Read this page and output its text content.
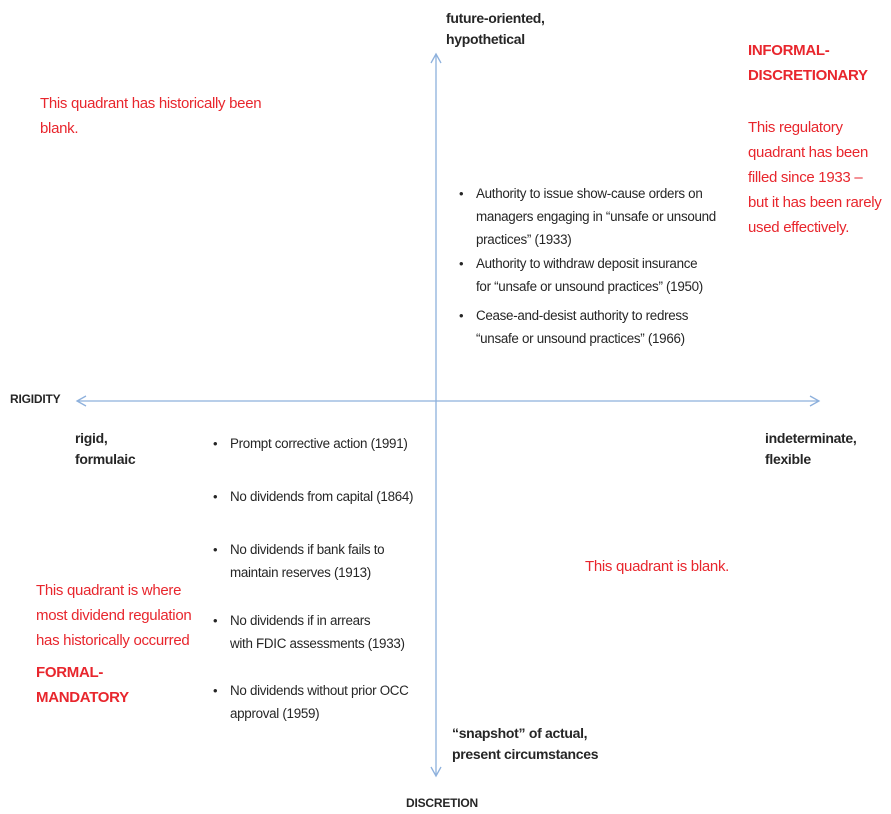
RIGIDITY
DISCRETION
future-oriented,
hypothetical
“snapshot” of actual,
present circumstances
rigid,
formulaic
indeterminate,
flexible
This quadrant has historically been
blank.
INFORMAL-
DISCRETIONARY
This regulatory
quadrant has been
filled since 1933 –
but it has been rarely
used effectively.
• Authority to issue show-cause orders on
managers engaging in “unsafe or unsound
practices” (1933)
• Authority to withdraw deposit insurance
for “unsafe or unsound practices” (1950)
• Cease-and-desist authority to redress
“unsafe or unsound practices” (1966)
• Prompt corrective action (1991)
• No dividends from capital (1864)
• No dividends if bank fails to
maintain reserves (1913)
• No dividends if in arrears
with FDIC assessments (1933)
• No dividends without prior OCC
approval (1959)
This quadrant is where
most dividend regulation
has historically occurred
FORMAL-
MANDATORY
This quadrant is blank.
